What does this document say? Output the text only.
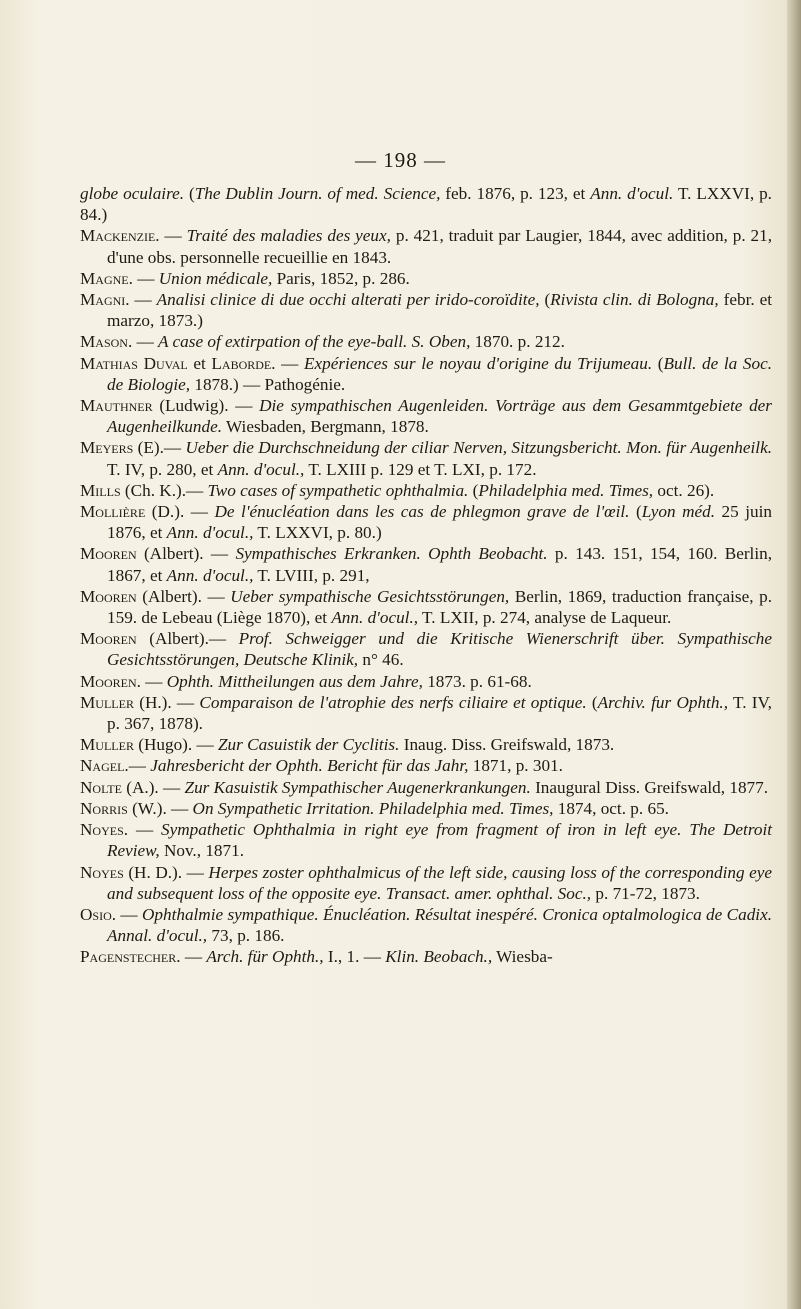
— 198 —

globe oculaire. (The Dublin Journ. of med. Science, feb. 1876, p. 123, et Ann. d'ocul. T. LXXVI, p. 84.)

Mackenzie. — Traité des maladies des yeux, p. 421, traduit par Laugier, 1844, avec addition, p. 21, d'une obs. personnelle recueillie en 1843.

Magne. — Union médicale, Paris, 1852, p. 286.

Magni. — Analisi clinice di due occhi alterati per irido-coroïdite, (Rivista clin. di Bologna, febr. et marzo, 1873.)

Mason. — A case of extirpation of the eye-ball. S. Oben, 1870. p. 212.

Mathias Duval et Laborde. — Expériences sur le noyau d'origine du Trijumeau. (Bull. de la Soc. de Biologie, 1878.) — Pathogénie.

Mauthner (Ludwig). — Die sympathischen Augenleiden. Vorträge aus dem Gesammtgebiete der Augenheilkunde. Wiesbaden, Bergmann, 1878.

Meyers (E).— Ueber die Durchschneidung der ciliar Nerven, Sitzungsbericht. Mon. für Augenheilk. T. IV, p. 280, et Ann. d'ocul., T. LXIII p. 129 et T. LXI, p. 172.

Mills (Ch. K.).— Two cases of sympathetic ophthalmia. (Philadelphia med. Times, oct. 26).

Mollière (D.). — De l'énucléation dans les cas de phlegmon grave de l'œil. (Lyon méd. 25 juin 1876, et Ann. d'ocul., T. LXXVI, p. 80.)

Mooren (Albert). — Sympathisches Erkranken. Ophth Beobacht. p. 143. 151, 154, 160. Berlin, 1867, et Ann. d'ocul., T. LVIII, p. 291,

Mooren (Albert). — Ueber sympathische Gesichtsstörungen, Berlin, 1869, traduction française, p. 159. de Lebeau (Liège 1870), et Ann. d'ocul., T. LXII, p. 274, analyse de Laqueur.

Mooren (Albert).— Prof. Schweigger und die Kritische Wienerschrift über. Sympathische Gesichtsstörungen, Deutsche Klinik, n° 46.

Mooren. — Ophth. Mittheilungen aus dem Jahre, 1873. p. 61-68.

Muller (H.). — Comparaison de l'atrophie des nerfs ciliaire et optique. (Archiv. fur Ophth., T. IV, p. 367, 1878).

Muller (Hugo). — Zur Casuistik der Cyclitis. Inaug. Diss. Greifswald, 1873.

Nagel.— Jahresbericht der Ophth. Bericht für das Jahr, 1871, p. 301.

Nolte (A.). — Zur Kasuistik Sympathischer Augenerkrankungen. Inaugural Diss. Greifswald, 1877.

Norris (W.). — On Sympathetic Irritation. Philadelphia med. Times, 1874, oct. p. 65.

Noyes. — Sympathetic Ophthalmia in right eye from fragment of iron in left eye. The Detroit Review, Nov., 1871.

Noyes (H. D.). — Herpes zoster ophthalmicus of the left side, causing loss of the corresponding eye and subsequent loss of the opposite eye. Transact. amer. ophthal. Soc., p. 71-72, 1873.

Osio. — Ophthalmie sympathique. Énucléation. Résultat inespéré. Cronica optalmologica de Cadix. Annal. d'ocul., 73, p. 186.

Pagenstecher. — Arch. für Ophth., I., 1. — Klin. Beobach., Wiesba-
